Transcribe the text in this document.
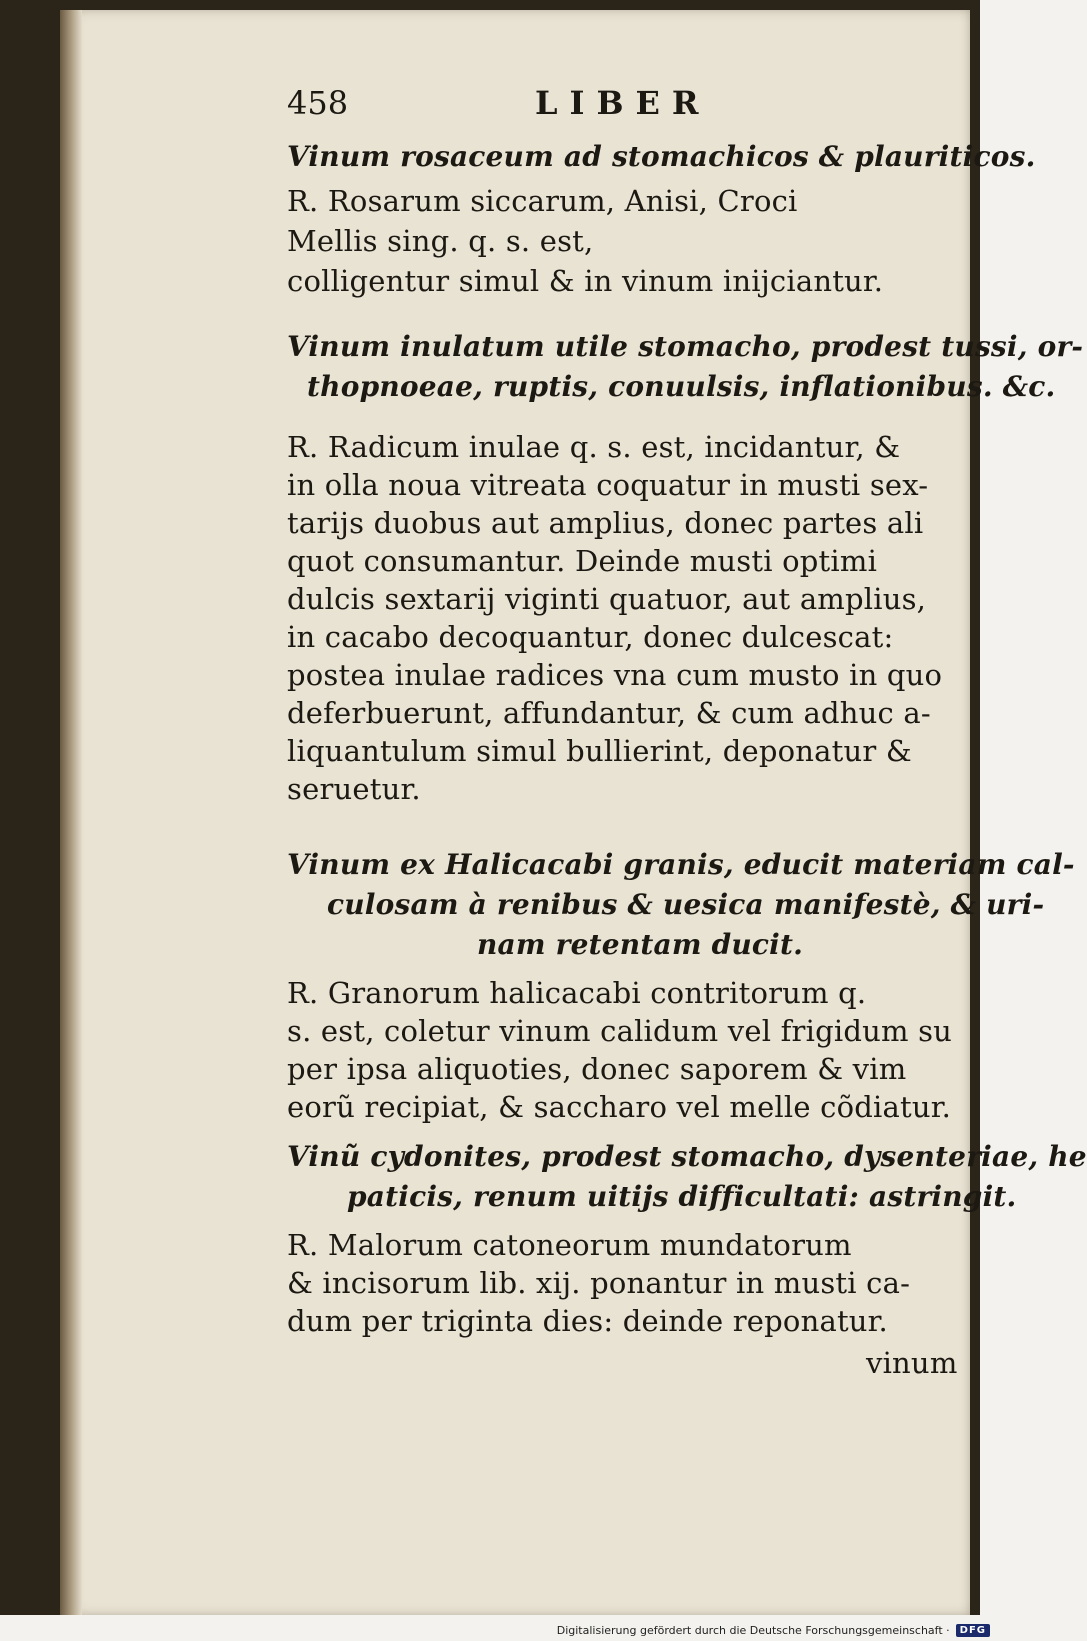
458	LIBER
Vinum rosaceum ad stomachicos & plauriticos.
R. Rosarum siccarum, Anisi, Croci
Mellis sing. q. s. est,
colligentur simul & in vinum inijciantur.
Vinum inulatum utile stomacho, prodest tussi, or-
thopnoeae, ruptis, conuulsis, inflationibus. &c.
R. Radicum inulae q. s. est, incidantur, &
in olla noua vitreata coquatur in musti sex-
tarijs duobus aut amplius, donec partes ali
quot consumantur. Deinde musti optimi
dulcis sextarij viginti quatuor, aut amplius,
in cacabo decoquantur, donec dulcescat:
postea inulae radices vna cum musto in quo
deferbuerunt, affundantur, & cum adhuc a-
liquantulum simul bullierint, deponatur &
seruetur.
Vinum ex Halicacabi granis, educit materiam cal-
culosam à renibus & uesica manifestè, & uri-
nam retentam ducit.
R. Granorum halicacabi contritorum q.
s. est, coletur vinum calidum vel frigidum su
per ipsa aliquoties, donec saporem & vim
eorũ recipiat, & saccharo vel melle cõdiatur.
Vinũ cydonites, prodest stomacho, dysenteriae, he
paticis, renum uitijs difficultati: astringit.
R. Malorum catoneorum mundatorum
& incisorum lib. xij. ponantur in musti ca-
dum per triginta dies: deinde reponatur.
vinum
Digitalisierung gefördert durch die Deutsche Forschungsgemeinschaft ·	DFG
